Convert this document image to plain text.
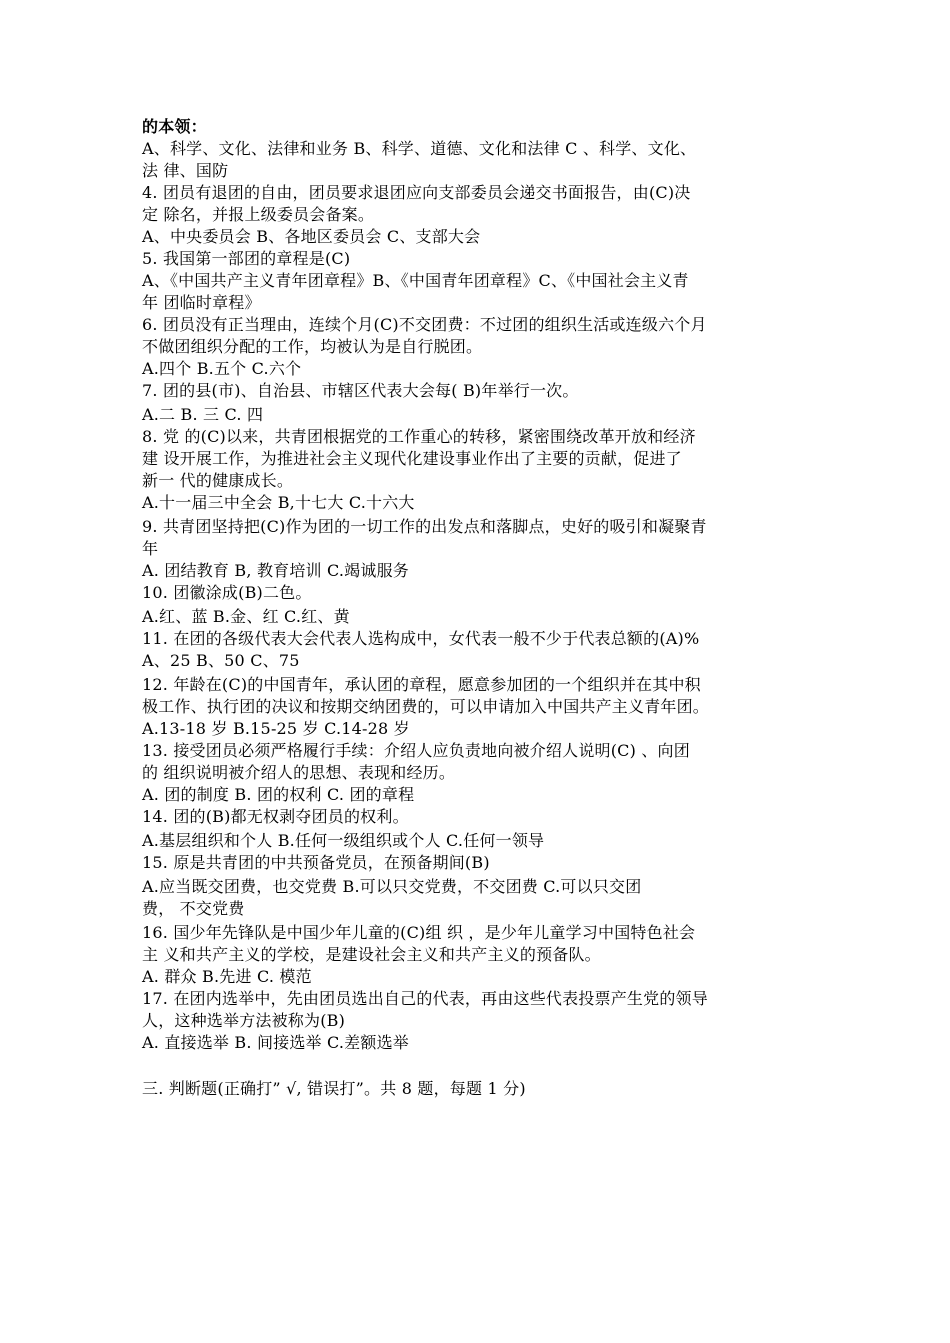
的本领：
A、科学、文化、法律和业务 B、科学、道德、文化和法律 C 、科学、文化、
法 律、国防
4. 团员有退团的自由，团员要求退团应向支部委员会递交书面报告，由(C)决
定 除名，并报上级委员会备案。
A、中央委员会 B、各地区委员会 C、支部大会
5. 我国第一部团的章程是(C)
A、《中国共产主义青年团章程》B、《中国青年团章程》C、《中国社会主义青
年 团临时章程》
6. 团员没有正当理由，连续个月(C)不交团费：不过团的组织生活或连级六个月
不做团组织分配的工作，均被认为是自行脱团。
A.四个 B.五个 C.六个
7. 团的县(市)、自治县、市辖区代表大会每( B)年举行一次。
A.二 B. 三 C. 四
8. 党 的(C)以来，共青团根据党的工作重心的转移，紧密围绕改革开放和经济
建 设开展工作，为推进社会主义现代化建设事业作出了主要的贡献，促进了
新一 代的健康成长。
A.十一届三中全会 B,十七大 C.十六大
9. 共青团坚持把(C)作为团的一切工作的出发点和落脚点，史好的吸引和凝聚青
年
A. 团结教育 B, 教育培训 C.竭诚服务
10. 团徽涂成(B)二色。
A.红、蓝 B.金、红 C.红、黄
11. 在团的各级代表大会代表人选构成中，女代表一般不少于代表总额的(A)%
A、25 B、50 C、75
12. 年龄在(C)的中国青年，承认团的章程，愿意参加团的一个组织并在其中积
极工作、执行团的决议和按期交纳团费的，可以申请加入中国共产主义青年团。
A.13-18 岁 B.15-25 岁 C.14-28 岁
13. 接受团员必须严格履行手续：介绍人应负责地向被介绍人说明(C) 、向团
的 组织说明被介绍人的思想、表现和经历。
A. 团的制度 B. 团的权利 C. 团的章程
14. 团的(B)都无权剥夺团员的权利。
A.基层组织和个人 B.任何一级组织或个人 C.任何一领导
15. 原是共青团的中共预备党员，在预备期间(B)
A.应当既交团费，也交党费 B.可以只交党费，不交团费 C.可以只交团
费， 不交党费
16. 国少年先锋队是中国少年儿童的(C)组 织 ，是少年儿童学习中国特色社会
主 义和共产主义的学校，是建设社会主义和共产主义的预备队。
A. 群众 B.先进 C. 模范
17. 在团内选举中，先由团员选出自己的代表，再由这些代表投票产生党的领导
人，这种选举方法被称为(B)
A. 直接选举 B. 间接选举 C.差额选举
三. 判断题(正确打” √, 错误打”。共 8 题，每题 1 分)
